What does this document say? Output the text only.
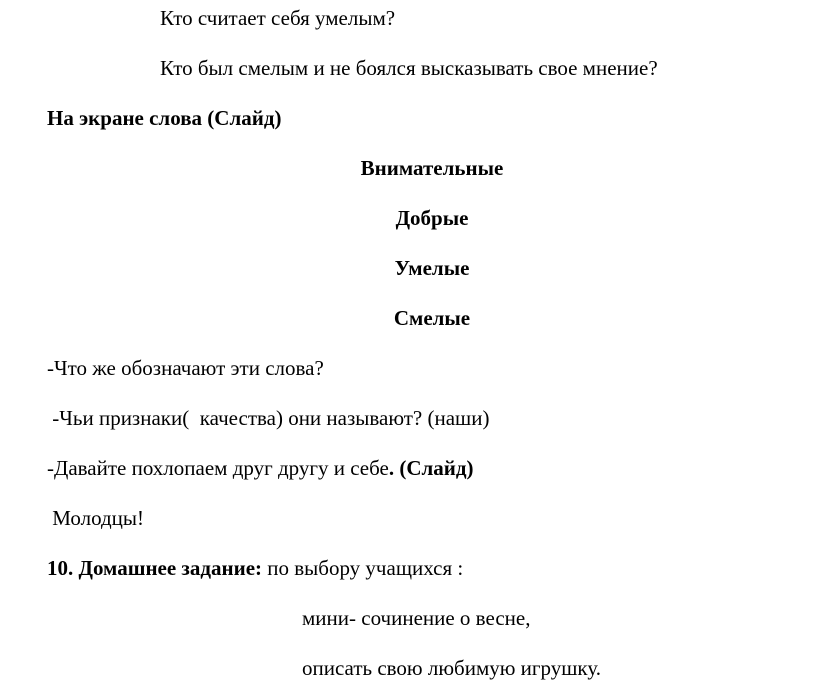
Кто считает себя умелым?
Кто был смелым и не боялся высказывать свое мнение?
На экране слова (Слайд)
Внимательные
Добрые
Умелые
Смелые
-Что же обозначают эти слова?
-Чьи признаки(  качества) они называют? (наши)
-Давайте похлопаем друг другу и себе. (Слайд)
Молодцы!
10. Домашнее задание: по выбору учащихся :
мини- сочинение о весне,
описать свою любимую игрушку.
